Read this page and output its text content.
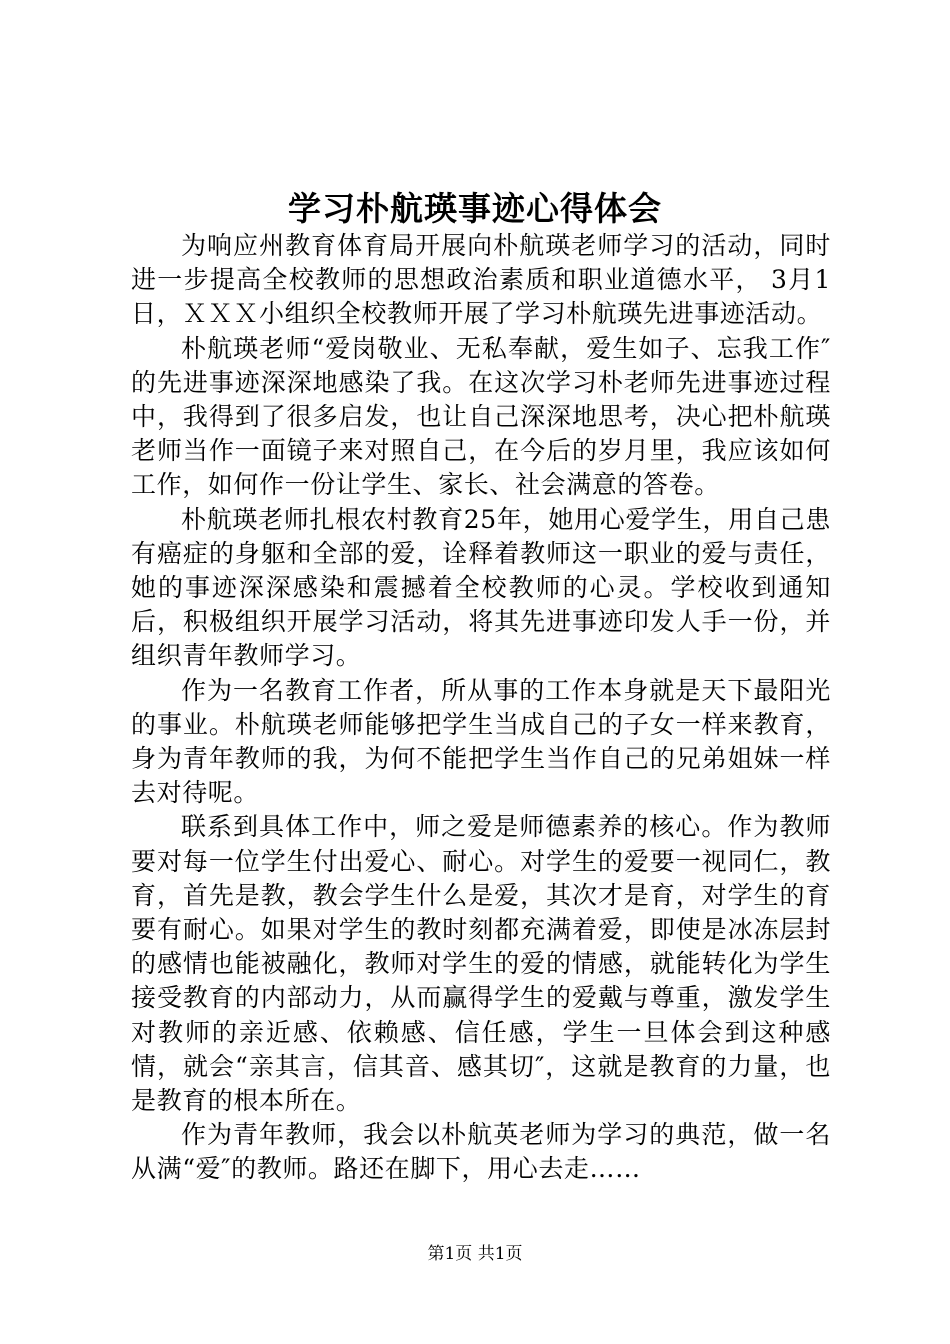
学习朴航瑛事迹心得体会

为响应州教育体育局开展向朴航瑛老师学习的活动，同时进一步提高全校教师的思想政治素质和职业道德水平， 3月1日，ＸＸＸ小组织全校教师开展了学习朴航瑛先进事迹活动。

朴航瑛老师“爱岗敬业、无私奉献，爱生如子、忘我工作″的先进事迹深深地感染了我。在这次学习朴老师先进事迹过程中，我得到了很多启发，也让自己深深地思考，决心把朴航瑛老师当作一面镜子来对照自己，在今后的岁月里，我应该如何工作，如何作一份让学生、家长、社会满意的答卷。

朴航瑛老师扎根农村教育25年，她用心爱学生，用自己患有癌症的身躯和全部的爱，诠释着教师这一职业的爱与责任，她的事迹深深感染和震撼着全校教师的心灵。学校收到通知后，积极组织开展学习活动，将其先进事迹印发人手一份，并组织青年教师学习。

作为一名教育工作者，所从事的工作本身就是天下最阳光的事业。朴航瑛老师能够把学生当成自己的子女一样来教育，身为青年教师的我，为何不能把学生当作自己的兄弟姐妹一样去对待呢。

联系到具体工作中，师之爱是师德素养的核心。作为教师要对每一位学生付出爱心、耐心。对学生的爱要一视同仁，教育，首先是教，教会学生什么是爱，其次才是育，对学生的育要有耐心。如果对学生的教时刻都充满着爱，即使是冰冻层封的感情也能被融化，教师对学生的爱的情感，就能转化为学生接受教育的内部动力，从而赢得学生的爱戴与尊重，激发学生对教师的亲近感、依赖感、信任感，学生一旦体会到这种感情，就会“亲其言，信其音、感其切″，这就是教育的力量，也是教育的根本所在。

作为青年教师，我会以朴航英老师为学习的典范，做一名从满“爱″的教师。路还在脚下，用心去走……

第1页 共1页
